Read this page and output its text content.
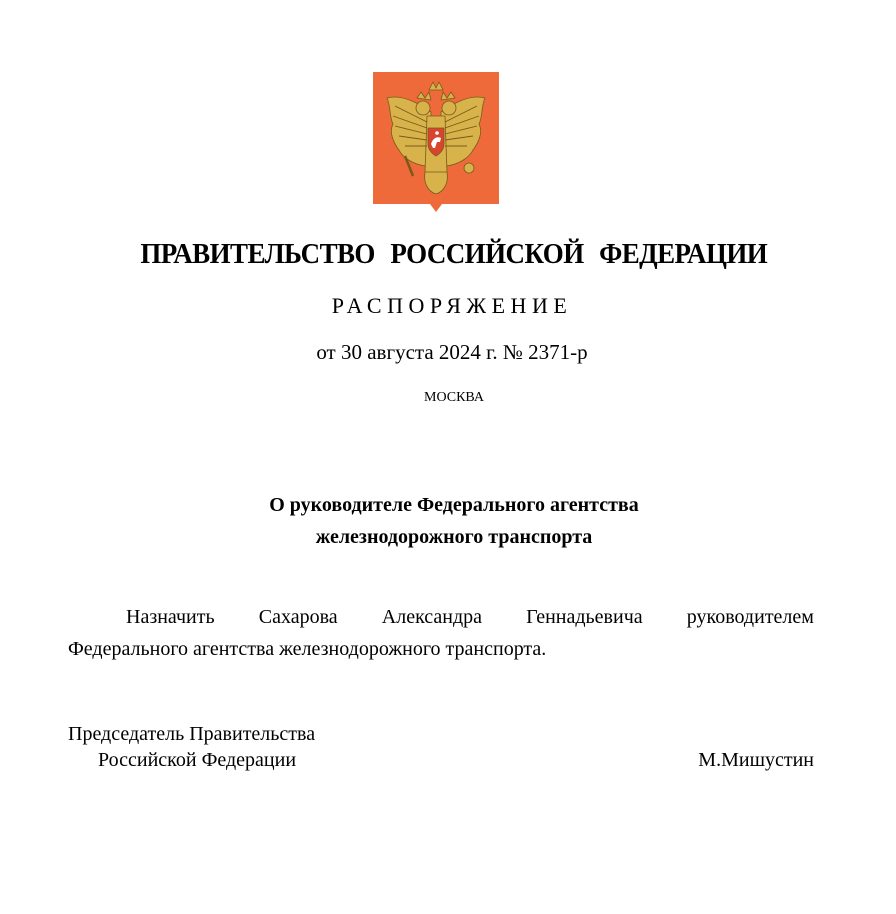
ПРАВИТЕЛЬСТВО РОССИЙСКОЙ ФЕДЕРАЦИИ
РАСПОРЯЖЕНИЕ
от 30 августа 2024 г. № 2371-р
МОСКВА
О руководителе Федерального агентства
железнодорожного транспорта
Назначить Сахарова Александра Геннадьевича руководителем
Федерального агентства железнодорожного транспорта.
Председатель Правительства
Российской Федерации	М.Мишустин
